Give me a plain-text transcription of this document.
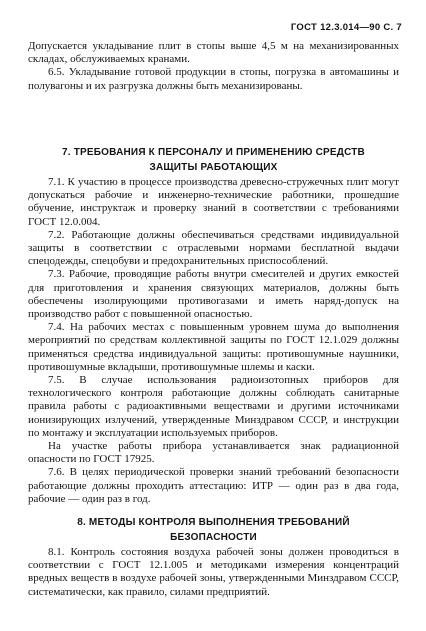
ГОСТ 12.3.014—90 С. 7

Допускается укладывание плит в стопы выше 4,5 м на механизированных складах, обслуживаемых кранами.

6.5. Укладывание готовой продукции в стопы, погрузка в автомашины и полувагоны и их разгрузка должны быть механизированы.

7. ТРЕБОВАНИЯ К ПЕРСОНАЛУ И ПРИМЕНЕНИЮ СРЕДСТВ
ЗАЩИТЫ РАБОТАЮЩИХ

7.1. К участию в процессе производства древесно-стружечных плит могут допускаться рабочие и инженерно-технические работники, прошедшие обучение, инструктаж и проверку знаний в соответствии с требованиями ГОСТ 12.0.004.

7.2. Работающие должны обеспечиваться средствами индивидуальной защиты в соответствии с отраслевыми нормами бесплатной выдачи спецодежды, спецобуви и предохранительных приспособлений.

7.3. Рабочие, проводящие работы внутри смесителей и других емкостей для приготовления и хранения связующих материалов, должны быть обеспечены изолирующими противогазами и иметь наряд-допуск на производство работ с повышенной опасностью.

7.4. На рабочих местах с повышенным уровнем шума до выполнения мероприятий по средствам коллективной защиты по ГОСТ 12.1.029 должны применяться средства индивидуальной защиты: противошумные наушники, противошумные вкладыши, противошумные шлемы и каски.

7.5. В случае использования радиоизотопных приборов для технологического контроля работающие должны соблюдать санитарные правила работы с радиоактивными веществами и другими источниками ионизирующих излучений, утвержденные Минздравом СССР, и инструкции по монтажу и эксплуатации используемых приборов.

На участке работы прибора устанавливается знак радиационной опасности по ГОСТ 17925.

7.6. В целях периодической проверки знаний требований безопасности работающие должны проходить аттестацию: ИТР — один раз в два года, рабочие — один раз в год.

8. МЕТОДЫ КОНТРОЛЯ ВЫПОЛНЕНИЯ ТРЕБОВАНИЙ
БЕЗОПАСНОСТИ

8.1. Контроль состояния воздуха рабочей зоны должен проводиться в соответствии с ГОСТ 12.1.005 и методиками измерения концентраций вредных веществ в воздухе рабочей зоны, утвержденными Минздравом СССР, систематически, как правило, силами предприятий.
